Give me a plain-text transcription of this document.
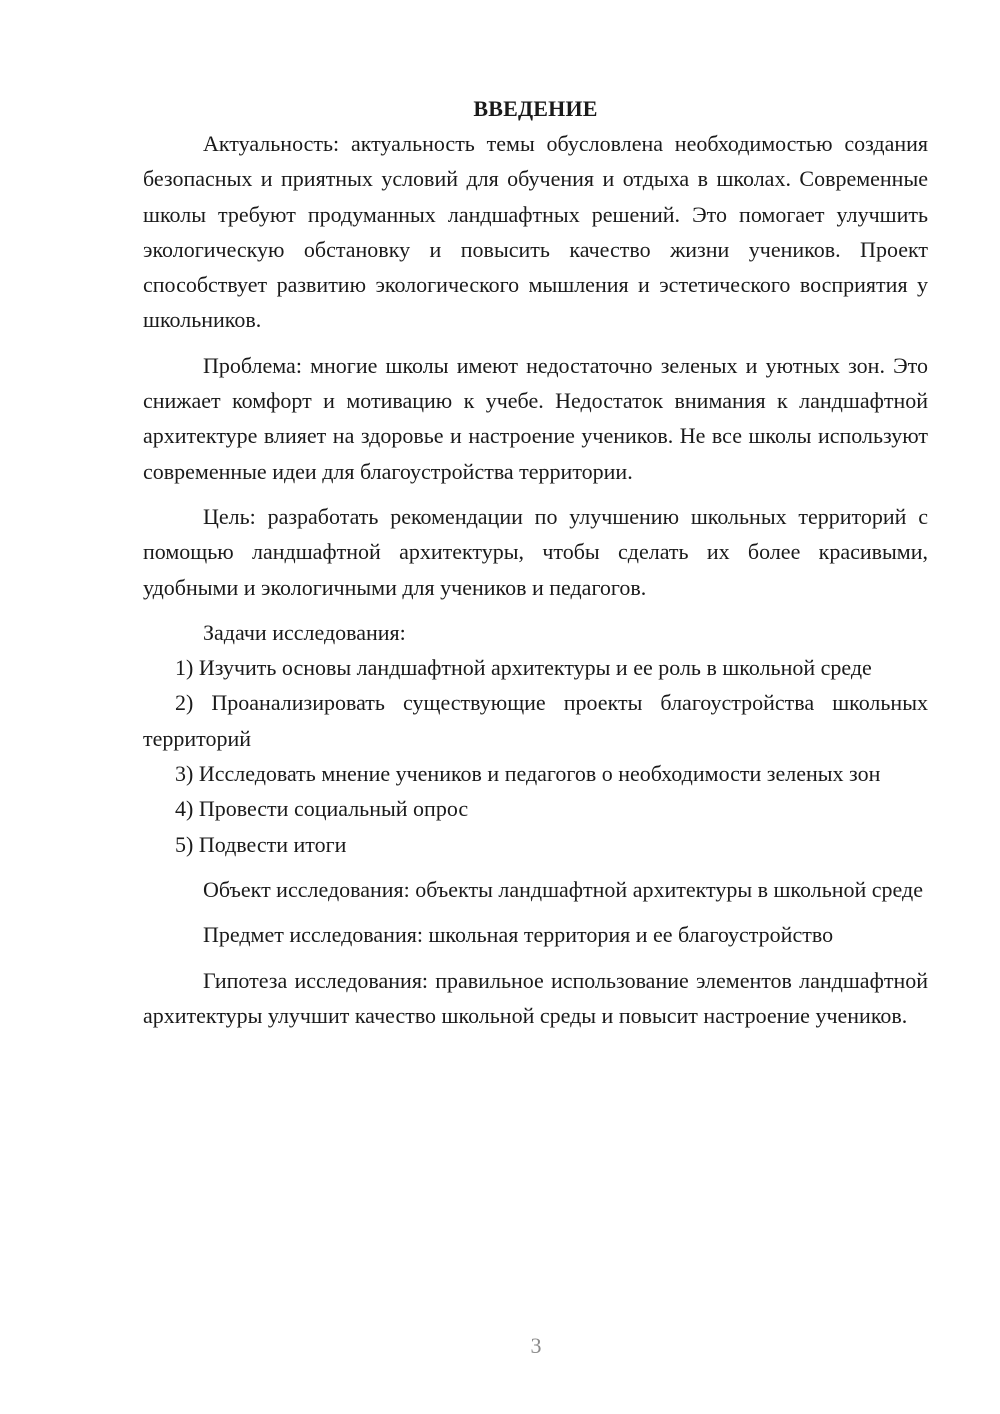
ВВЕДЕНИЕ

Актуальность: актуальность темы обусловлена необходимостью создания безопасных и приятных условий для обучения и отдыха в школах. Современные школы требуют продуманных ландшафтных решений. Это помогает улучшить экологическую обстановку и повысить качество жизни учеников. Проект способствует развитию экологического мышления и эстетического восприятия у школьников.

Проблема: многие школы имеют недостаточно зеленых и уютных зон. Это снижает комфорт и мотивацию к учебе. Недостаток внимания к ландшафтной архитектуре влияет на здоровье и настроение учеников. Не все школы используют современные идеи для благоустройства территории.

Цель: разработать рекомендации по улучшению школьных территорий с помощью ландшафтной архитектуры, чтобы сделать их более красивыми, удобными и экологичными для учеников и педагогов.

Задачи исследования:

1) Изучить основы ландшафтной архитектуры и ее роль в школьной среде

2) Проанализировать существующие проекты благоустройства школьных территорий

3) Исследовать мнение учеников и педагогов о необходимости зеленых зон

4) Провести социальный опрос

5) Подвести итоги

Объект исследования: объекты ландшафтной архитектуры в школьной среде

Предмет исследования: школьная территория и ее благоустройство

Гипотеза исследования: правильное использование элементов ландшафтной архитектуры улучшит качество школьной среды и повысит настроение учеников.

3
